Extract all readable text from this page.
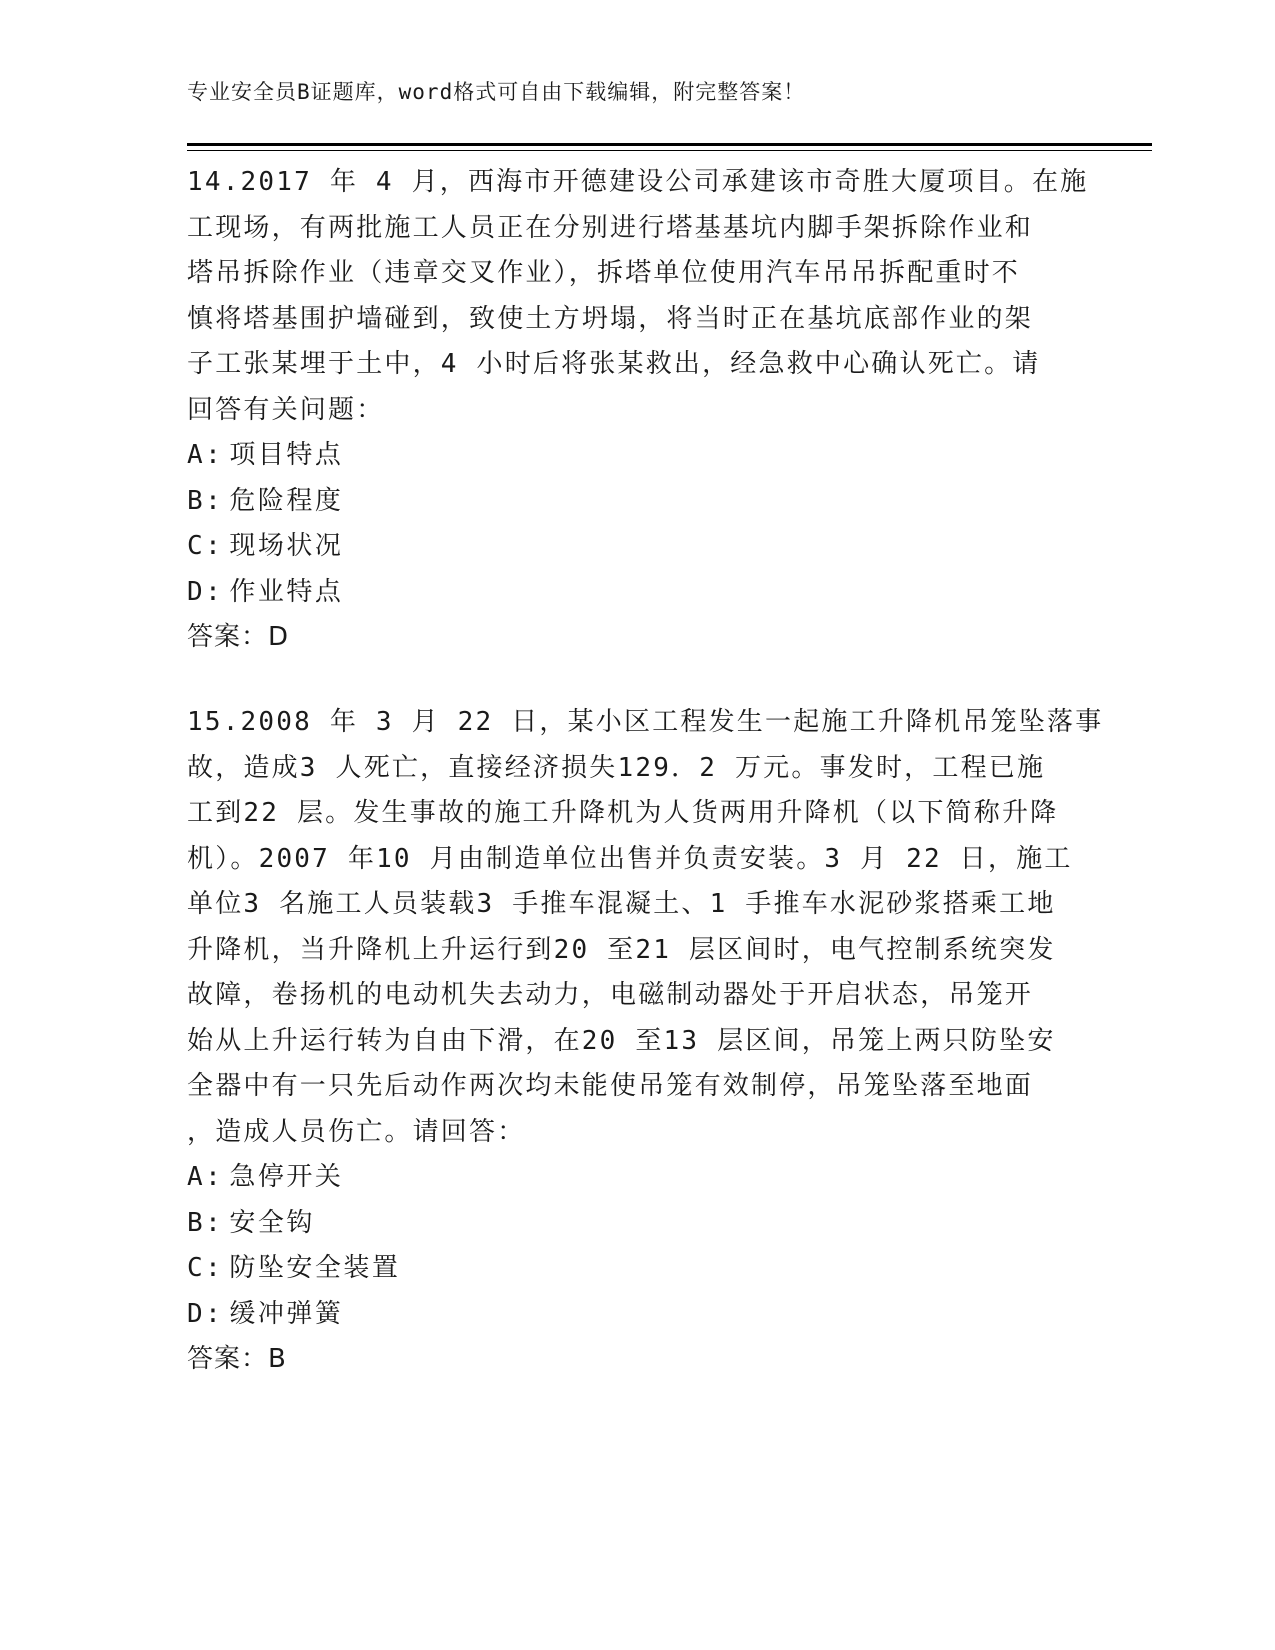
专业安全员B证题库，word格式可自由下载编辑，附完整答案！
14.2017 年 4 月，西海市开德建设公司承建该市奇胜大厦项目。在施
工现场，有两批施工人员正在分别进行塔基基坑内脚手架拆除作业和
塔吊拆除作业（违章交叉作业），拆塔单位使用汽车吊吊拆配重时不
慎将塔基围护墙碰到，致使土方坍塌，将当时正在基坑底部作业的架
子工张某埋于土中，4 小时后将张某救出，经急救中心确认死亡。请
回答有关问题：
A: 项目特点
B: 危险程度
C: 现场状况
D: 作业特点
答案：D
15.2008 年 3 月 22 日，某小区工程发生一起施工升降机吊笼坠落事
故，造成3 人死亡，直接经济损失129．2 万元。事发时，工程已施
工到22 层。发生事故的施工升降机为人货两用升降机（以下简称升降
机）。2007 年10 月由制造单位出售并负责安装。3 月 22 日，施工
单位3 名施工人员装载3 手推车混凝土、1 手推车水泥砂浆搭乘工地
升降机，当升降机上升运行到20 至21 层区间时，电气控制系统突发
故障，卷扬机的电动机失去动力，电磁制动器处于开启状态，吊笼开
始从上升运行转为自由下滑，在20 至13 层区间，吊笼上两只防坠安
全器中有一只先后动作两次均未能使吊笼有效制停，吊笼坠落至地面
，造成人员伤亡。请回答：
A: 急停开关
B: 安全钩
C: 防坠安全装置
D: 缓冲弹簧
答案：B
